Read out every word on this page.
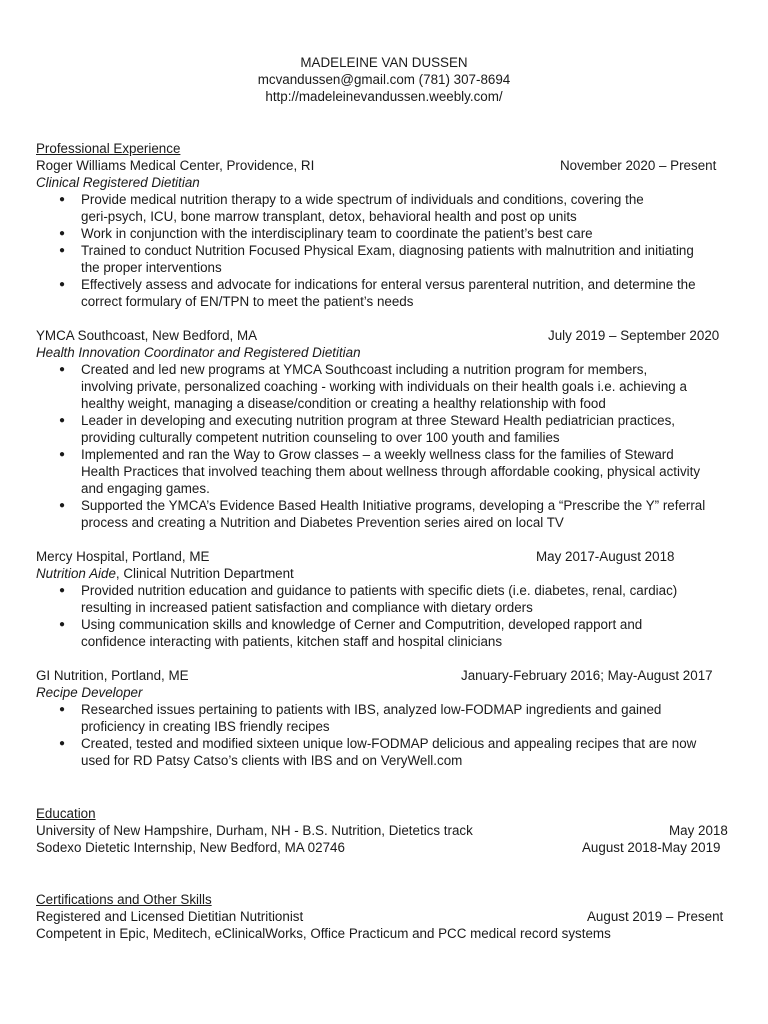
MADELEINE VAN DUSSEN
mcvandussen@gmail.com (781) 307-8694
http://madeleinevandussen.weebly.com/
Professional Experience
Roger Williams Medical Center, Providence, RI	November 2020 – Present
Clinical Registered Dietitian
● Provide medical nutrition therapy to a wide spectrum of individuals and conditions, covering the
geri-psych, ICU, bone marrow transplant, detox, behavioral health and post op units
● Work in conjunction with the interdisciplinary team to coordinate the patient’s best care
● Trained to conduct Nutrition Focused Physical Exam, diagnosing patients with malnutrition and initiating
the proper interventions
● Effectively assess and advocate for indications for enteral versus parenteral nutrition, and determine the
correct formulary of EN/TPN to meet the patient’s needs
YMCA Southcoast, New Bedford, MA	July 2019 – September 2020
Health Innovation Coordinator and Registered Dietitian
● Created and led new programs at YMCA Southcoast including a nutrition program for members,
involving private, personalized coaching - working with individuals on their health goals i.e. achieving a
healthy weight, managing a disease/condition or creating a healthy relationship with food
● Leader in developing and executing nutrition program at three Steward Health pediatrician practices,
providing culturally competent nutrition counseling to over 100 youth and families
● Implemented and ran the Way to Grow classes – a weekly wellness class for the families of Steward
Health Practices that involved teaching them about wellness through affordable cooking, physical activity
and engaging games.
● Supported the YMCA’s Evidence Based Health Initiative programs, developing a “Prescribe the Y” referral
process and creating a Nutrition and Diabetes Prevention series aired on local TV
Mercy Hospital, Portland, ME	May 2017-August 2018
Nutrition Aide, Clinical Nutrition Department
● Provided nutrition education and guidance to patients with specific diets (i.e. diabetes, renal, cardiac)
resulting in increased patient satisfaction and compliance with dietary orders
● Using communication skills and knowledge of Cerner and Computrition, developed rapport and
confidence interacting with patients, kitchen staff and hospital clinicians
GI Nutrition, Portland, ME	January-February 2016; May-August 2017
Recipe Developer
● Researched issues pertaining to patients with IBS, analyzed low-FODMAP ingredients and gained
proficiency in creating IBS friendly recipes
● Created, tested and modified sixteen unique low-FODMAP delicious and appealing recipes that are now
used for RD Patsy Catso’s clients with IBS and on VeryWell.com
Education
University of New Hampshire, Durham, NH - B.S. Nutrition, Dietetics track	May 2018
Sodexo Dietetic Internship, New Bedford, MA 02746	August 2018-May 2019
Certifications and Other Skills
Registered and Licensed Dietitian Nutritionist	August 2019 – Present
Competent in Epic, Meditech, eClinicalWorks, Office Practicum and PCC medical record systems
